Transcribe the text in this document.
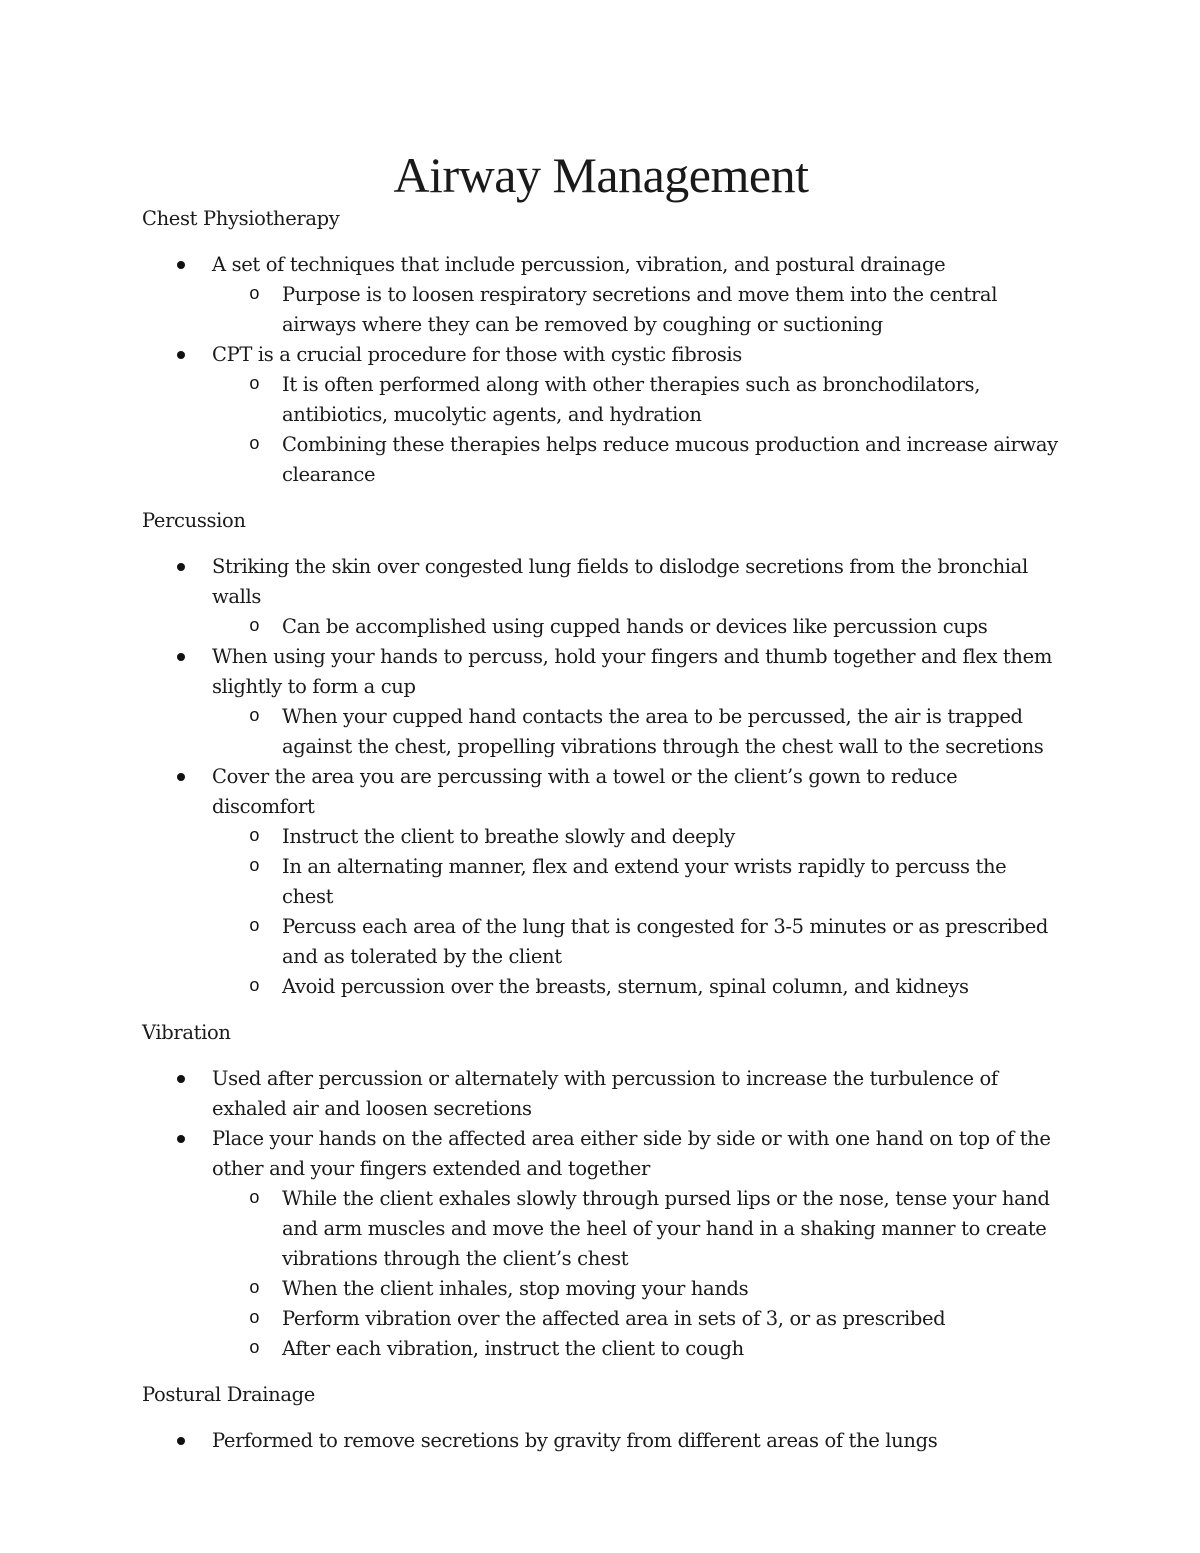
Airway Management

Chest Physiotherapy

A set of techniques that include percussion, vibration, and postural drainage
o Purpose is to loosen respiratory secretions and move them into the central airways where they can be removed by coughing or suctioning
CPT is a crucial procedure for those with cystic fibrosis
o It is often performed along with other therapies such as bronchodilators, antibiotics, mucolytic agents, and hydration
o Combining these therapies helps reduce mucous production and increase airway clearance

Percussion

Striking the skin over congested lung fields to dislodge secretions from the bronchial walls
o Can be accomplished using cupped hands or devices like percussion cups
When using your hands to percuss, hold your fingers and thumb together and flex them slightly to form a cup
o When your cupped hand contacts the area to be percussed, the air is trapped against the chest, propelling vibrations through the chest wall to the secretions
Cover the area you are percussing with a towel or the client’s gown to reduce discomfort
o Instruct the client to breathe slowly and deeply
o In an alternating manner, flex and extend your wrists rapidly to percuss the chest
o Percuss each area of the lung that is congested for 3-5 minutes or as prescribed and as tolerated by the client
o Avoid percussion over the breasts, sternum, spinal column, and kidneys

Vibration

Used after percussion or alternately with percussion to increase the turbulence of exhaled air and loosen secretions
Place your hands on the affected area either side by side or with one hand on top of the other and your fingers extended and together
o While the client exhales slowly through pursed lips or the nose, tense your hand and arm muscles and move the heel of your hand in a shaking manner to create vibrations through the client’s chest
o When the client inhales, stop moving your hands
o Perform vibration over the affected area in sets of 3, or as prescribed
o After each vibration, instruct the client to cough

Postural Drainage

Performed to remove secretions by gravity from different areas of the lungs
